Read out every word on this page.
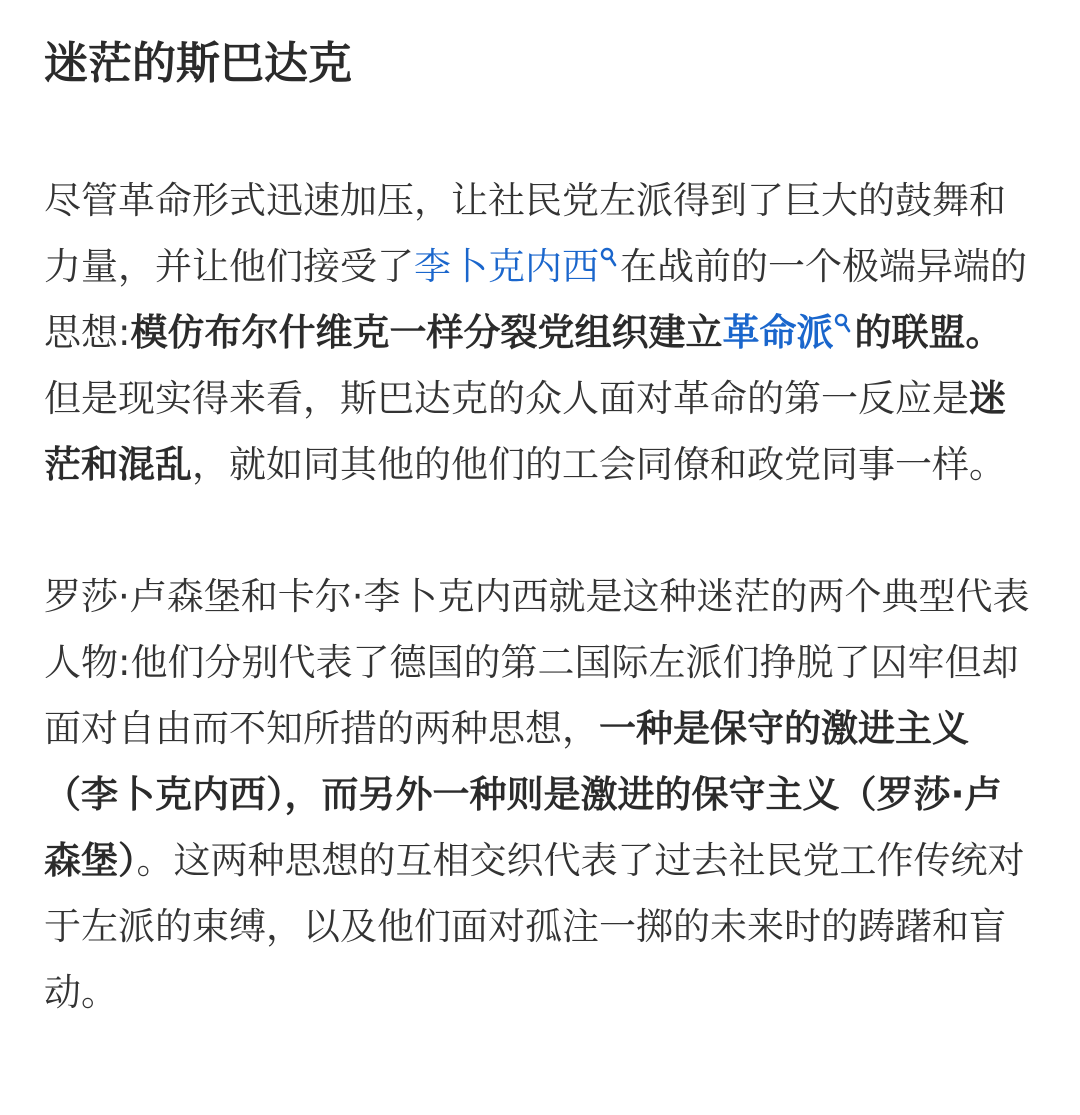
迷茫的斯巴达克

尽管革命形式迅速加压，让社民党左派得到了巨大的鼓舞和力量，并让他们接受了李卜克内西 在战前的一个极端异端的思想:模仿布尔什维克一样分裂党组织建立革命派 的联盟。但是现实得来看，斯巴达克的众人面对革命的第一反应是迷茫和混乱，就如同其他的他们的工会同僚和政党同事一样。

罗莎·卢森堡和卡尔·李卜克内西就是这种迷茫的两个典型代表人物:他们分别代表了德国的第二国际左派们挣脱了囚牢但却面对自由而不知所措的两种思想，一种是保守的激进主义（李卜克内西），而另外一种则是激进的保守主义（罗莎·卢森堡）。这两种思想的互相交织代表了过去社民党工作传统对于左派的束缚，以及他们面对孤注一掷的未来时的踌躇和盲动。
